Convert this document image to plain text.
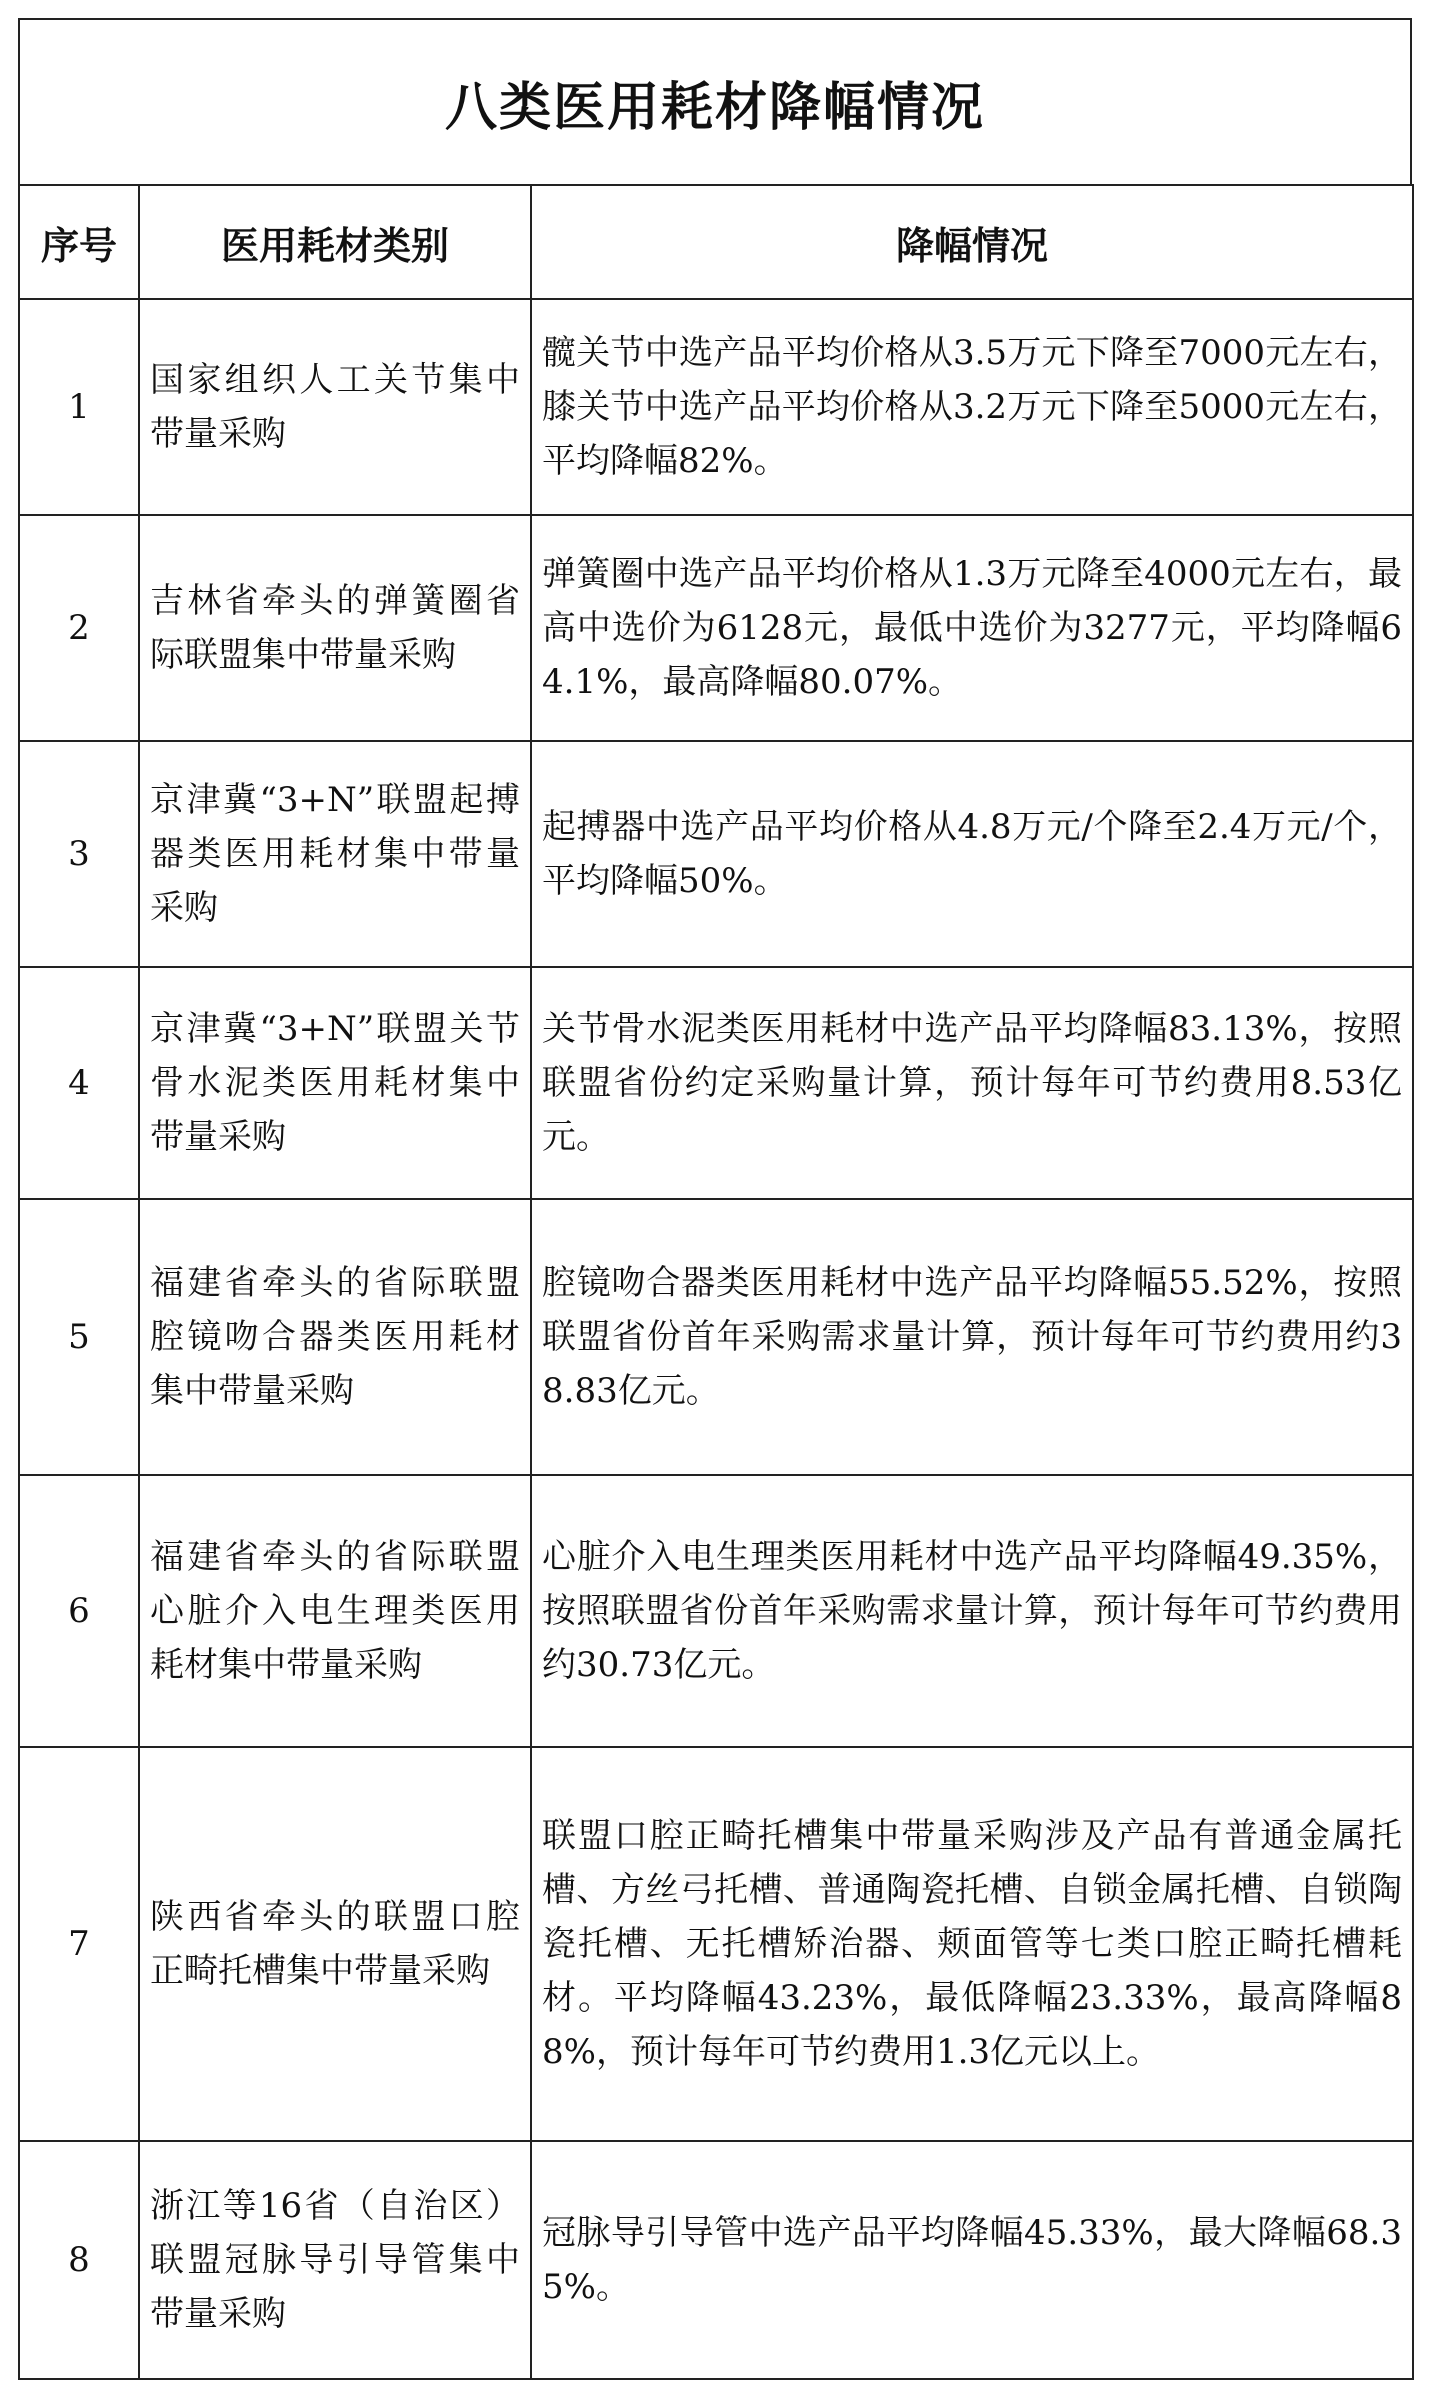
八类医用耗材降幅情况
序号	医用耗材类别	降幅情况
1	国家组织人工关节集中带量采购	髋关节中选产品平均价格从3.5万元下降至7000元左右，膝关节中选产品平均价格从3.2万元下降至5000元左右，平均降幅82%。
2	吉林省牵头的弹簧圈省际联盟集中带量采购	弹簧圈中选产品平均价格从1.3万元降至4000元左右，最高中选价为6128元，最低中选价为3277元，平均降幅64.1%，最高降幅80.07%。
3	京津冀“3+N”联盟起搏器类医用耗材集中带量采购	起搏器中选产品平均价格从4.8万元/个降至2.4万元/个，平均降幅50%。
4	京津冀“3+N”联盟关节骨水泥类医用耗材集中带量采购	关节骨水泥类医用耗材中选产品平均降幅83.13%，按照联盟省份约定采购量计算，预计每年可节约费用8.53亿元。
5	福建省牵头的省际联盟腔镜吻合器类医用耗材集中带量采购	腔镜吻合器类医用耗材中选产品平均降幅55.52%，按照联盟省份首年采购需求量计算，预计每年可节约费用约38.83亿元。
6	福建省牵头的省际联盟心脏介入电生理类医用耗材集中带量采购	心脏介入电生理类医用耗材中选产品平均降幅49.35%，按照联盟省份首年采购需求量计算，预计每年可节约费用约30.73亿元。
7	陕西省牵头的联盟口腔正畸托槽集中带量采购	联盟口腔正畸托槽集中带量采购涉及产品有普通金属托槽、方丝弓托槽、普通陶瓷托槽、自锁金属托槽、自锁陶瓷托槽、无托槽矫治器、颊面管等七类口腔正畸托槽耗材。平均降幅43.23%，最低降幅23.33%，最高降幅88%，预计每年可节约费用1.3亿元以上。
8	浙江等16省（自治区）联盟冠脉导引导管集中带量采购	冠脉导引导管中选产品平均降幅45.33%，最大降幅68.35%。
